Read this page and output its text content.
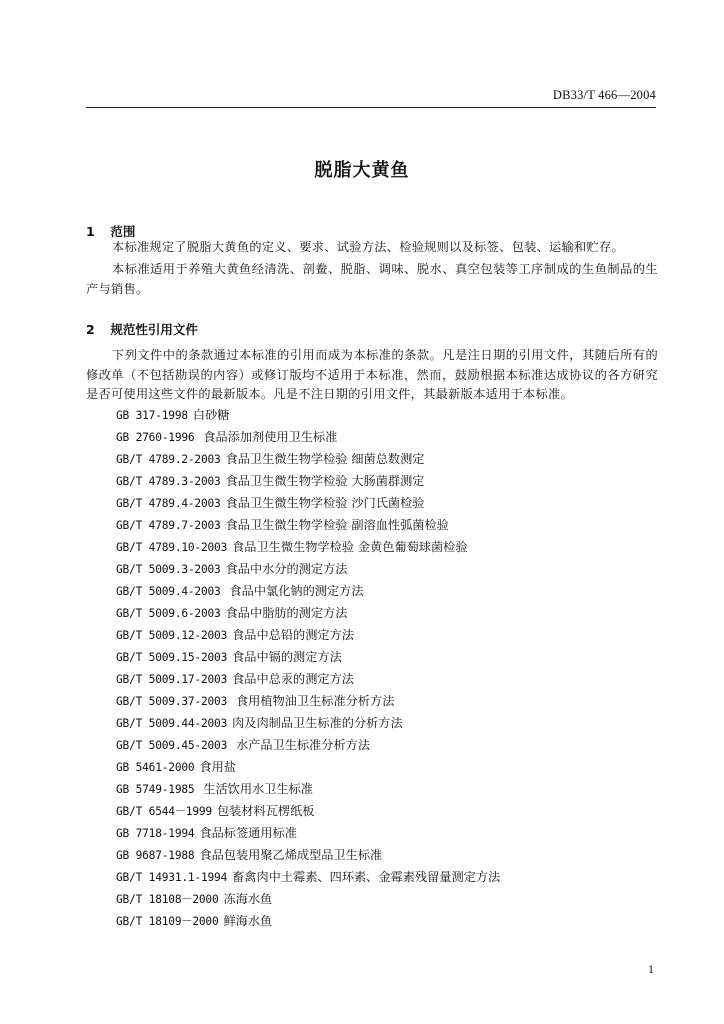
DB33/T 466—2004
脱脂大黄鱼
1 范围

本标准规定了脱脂大黄鱼的定义、要求、试验方法、检验规则以及标签、包装、运输和贮存。

本标准适用于养殖大黄鱼经清洗、剖鲞、脱脂、调味、脱水、真空包装等工序制成的生鱼制品的生产与销售。

2 规范性引用文件

下列文件中的条款通过本标准的引用而成为本标准的条款。凡是注日期的引用文件，其随后所有的修改单（不包括勘误的内容）或修订版均不适用于本标准，然而，鼓励根据本标准达成协议的各方研究是否可使用这些文件的最新版本。凡是不注日期的引用文件，其最新版本适用于本标准。

GB 317-1998 白砂糖
GB 2760-1996 食品添加剂使用卫生标准
GB/T 4789.2-2003 食品卫生微生物学检验 细菌总数测定
GB/T 4789.3-2003 食品卫生微生物学检验 大肠菌群测定
GB/T 4789.4-2003 食品卫生微生物学检验 沙门氏菌检验
GB/T 4789.7-2003 食品卫生微生物学检验 副溶血性弧菌检验
GB/T 4789.10-2003 食品卫生微生物学检验 金黄色葡萄球菌检验
GB/T 5009.3-2003 食品中水分的测定方法
GB/T 5009.4-2003 食品中氯化钠的测定方法
GB/T 5009.6-2003 食品中脂肪的测定方法
GB/T 5009.12-2003 食品中总铅的测定方法
GB/T 5009.15-2003 食品中镉的测定方法
GB/T 5009.17-2003 食品中总汞的测定方法
GB/T 5009.37-2003 食用植物油卫生标准分析方法
GB/T 5009.44-2003 肉及肉制品卫生标准的分析方法
GB/T 5009.45-2003 水产品卫生标准分析方法
GB 5461-2000 食用盐
GB 5749-1985 生活饮用水卫生标准
GB/T 6544－1999 包装材料瓦楞纸板
GB 7718-1994 食品标签通用标准
GB 9687-1988 食品包装用聚乙烯成型品卫生标准
GB/T 14931.1-1994 畜禽肉中土霉素、四环素、金霉素残留量测定方法
GB/T 18108－2000 冻海水鱼
GB/T 18109－2000 鲜海水鱼
1
